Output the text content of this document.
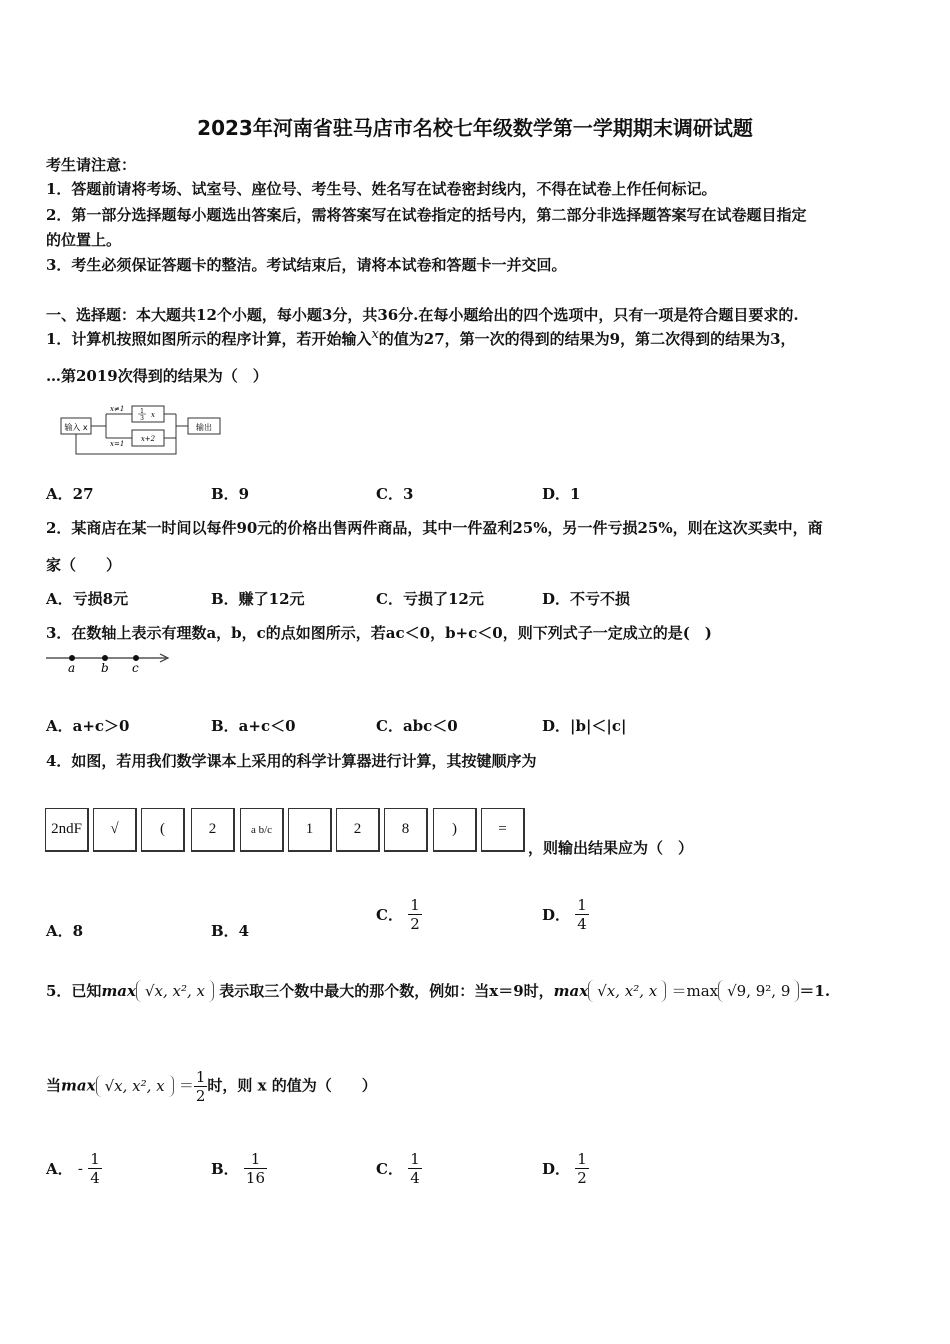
2023年河南省驻马店市名校七年级数学第一学期期末调研试题
考生请注意：
1．答题前请将考场、试室号、座位号、考生号、姓名写在试卷密封线内，不得在试卷上作任何标记。
2．第一部分选择题每小题选出答案后，需将答案写在试卷指定的括号内，第二部分非选择题答案写在试卷题目指定
的位置上。
3．考生必须保证答题卡的整洁。考试结束后，请将本试卷和答题卡一并交回。
一、选择题：本大题共12个小题，每小题3分，共36分.在每小题给出的四个选项中，只有一项是符合题目要求的.
1．计算机按照如图所示的程序计算，若开始输入x的值为27，第一次的得到的结果为9，第二次得到的结果为3，
…第2019次得到的结果为（　）
输入 x
x≠1
x=1
1
3 x
x+2
输出
A．27	B．9	C．3	D．1
2．某商店在某一时间以每件90元的价格出售两件商品，其中一件盈利25%，另一件亏损25%，则在这次买卖中，商
家（　　）
A．亏损8元	B．赚了12元	C．亏损了12元	D．不亏不损
3．在数轴上表示有理数a，b，c的点如图所示，若ac＜0，b+c＜0，则下列式子一定成立的是(　)
a b c
A．a+c＞0	B．a+c＜0	C．abc＜0	D．|b|＜|c|
4．如图，若用我们数学课本上采用的科学计算器进行计算，其按键顺序为
2ndF	√	(	2	a b/c	1	2	8	)	=
，则输出结果应为（　）
A．8	B．4
C． $\frac{1}{2}$	D． $\frac{1}{4}$
5．已知max √x, x², x 表示取三个数中最大的那个数，例如：当x＝9时，max √x, x², x ＝max √9, 9², 9 ＝1.
当max √x, x², $x = \frac{1}{2}$ 时，则 x 的值为（　　）
A． - $\frac{1}{4}$	B． $\frac{1}{16}$	C． $\frac{1}{4}$	D． $\frac{1}{2}$
